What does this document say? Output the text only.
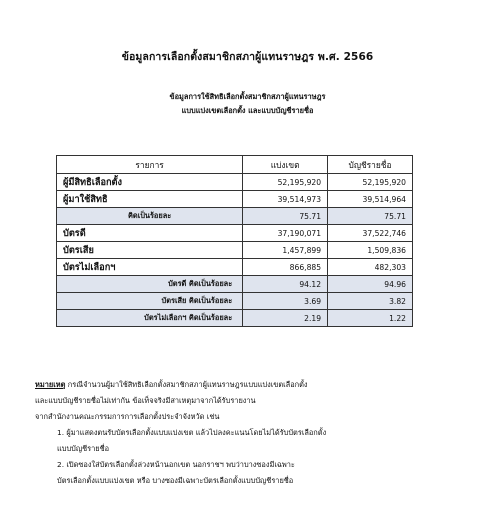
ข้อมูลการเลือกตั้งสมาชิกสภาผู้แทนราษฎร พ.ศ. 2566
ข้อมูลการใช้สิทธิเลือกตั้งสมาชิกสภาผู้แทนราษฎร
แบบแบ่งเขตเลือกตั้ง และแบบบัญชีรายชื่อ
รายการ	แบ่งเขต	บัญชีรายชื่อ
ผู้มีสิทธิเลือกตั้ง	52,195,920	52,195,920
ผู้มาใช้สิทธิ	39,514,973	39,514,964
คิดเป็นร้อยละ	75.71	75.71
บัตรดี	37,190,071	37,522,746
บัตรเสีย	1,457,899	1,509,836
บัตรไม่เลือกฯ	866,885	482,303
บัตรดี คิดเป็นร้อยละ	94.12	94.96
บัตรเสีย คิดเป็นร้อยละ	3.69	3.82
บัตรไม่เลือกฯ คิดเป็นร้อยละ	2.19	1.22
หมายเหตุ กรณีจำนวนผู้มาใช้สิทธิเลือกตั้งสมาชิกสภาผู้แทนราษฎรแบบแบ่งเขตเลือกตั้ง
และแบบบัญชีรายชื่อไม่เท่ากัน ข้อเท็จจริงมีสาเหตุมาจากได้รับรายงาน
จากสำนักงานคณะกรรมการการเลือกตั้งประจำจังหวัด เช่น
1. ผู้มาแสดงตนรับบัตรเลือกตั้งแบบแบ่งเขต แล้วไปลงคะแนนโดยไม่ได้รับบัตรเลือกตั้ง
แบบบัญชีรายชื่อ
2. เปิดซองใส่บัตรเลือกตั้งล่วงหน้านอกเขต นอกราชฯ พบว่าบางซองมีเฉพาะ
บัตรเลือกตั้งแบบแบ่งเขต หรือ บางซองมีเฉพาะบัตรเลือกตั้งแบบบัญชีรายชื่อ
